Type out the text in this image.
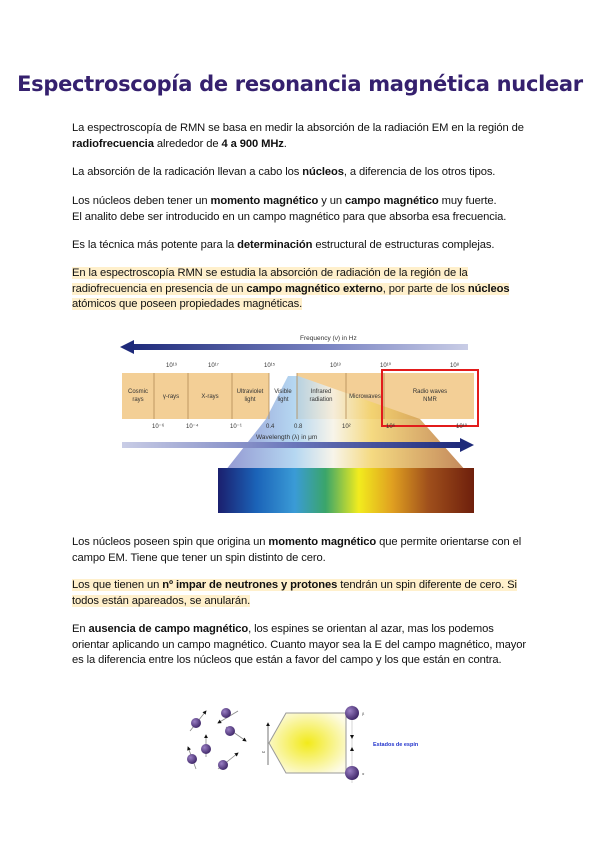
Espectroscopía de resonancia magnética nuclear
La espectroscopía de RMN se basa en medir la absorción de la radiación EM en la región de radiofrecuencia alrededor de 4 a 900 MHz.
La absorción de la radicación llevan a cabo los núcleos, a diferencia de los otros tipos.
Los núcleos deben tener un momento magnético y un campo magnético muy fuerte.
El analito debe ser introducido en un campo magnético para que absorba esa frecuencia.
Es la técnica más potente para la determinación estructural de estructuras complejas.
En la espectroscopía RMN se estudia la absorción de radiación de la región de la radiofrecuencia en presencia de un campo magnético externo, por parte de los núcleos atómicos que poseen propiedades magnéticas.
Frequency (ν) in Hz
10¹⁹	10¹⁷	10¹⁵	10¹³	10¹⁰	10⁸
Cosmic
rays	γ-rays	X-rays
Ultraviolet
light
Visible
light
Infrared
radiation	Microwaves
Radio waves
NMR
10⁻⁶	10⁻⁴	10⁻¹	0.4	0.8	10²	10⁶	10¹⁰
Wavelength (λ) in μm
Los núcleos poseen spin que origina un momento magnético que permite orientarse con el campo EM. Tiene que tener un spin distinto de cero.
Los que tienen un nº impar de neutrones y protones tendrán un spin diferente de cero. Si todos están apareados, se anularán.
En ausencia de campo magnético, los espines se orientan al azar, mas los podemos orientar aplicando un campo magnético. Cuanto mayor sea la E del campo magnético, mayor es la diferencia entre los núcleos que están a favor del campo y los que están en contra.
ω
β
α
Estados de espín
